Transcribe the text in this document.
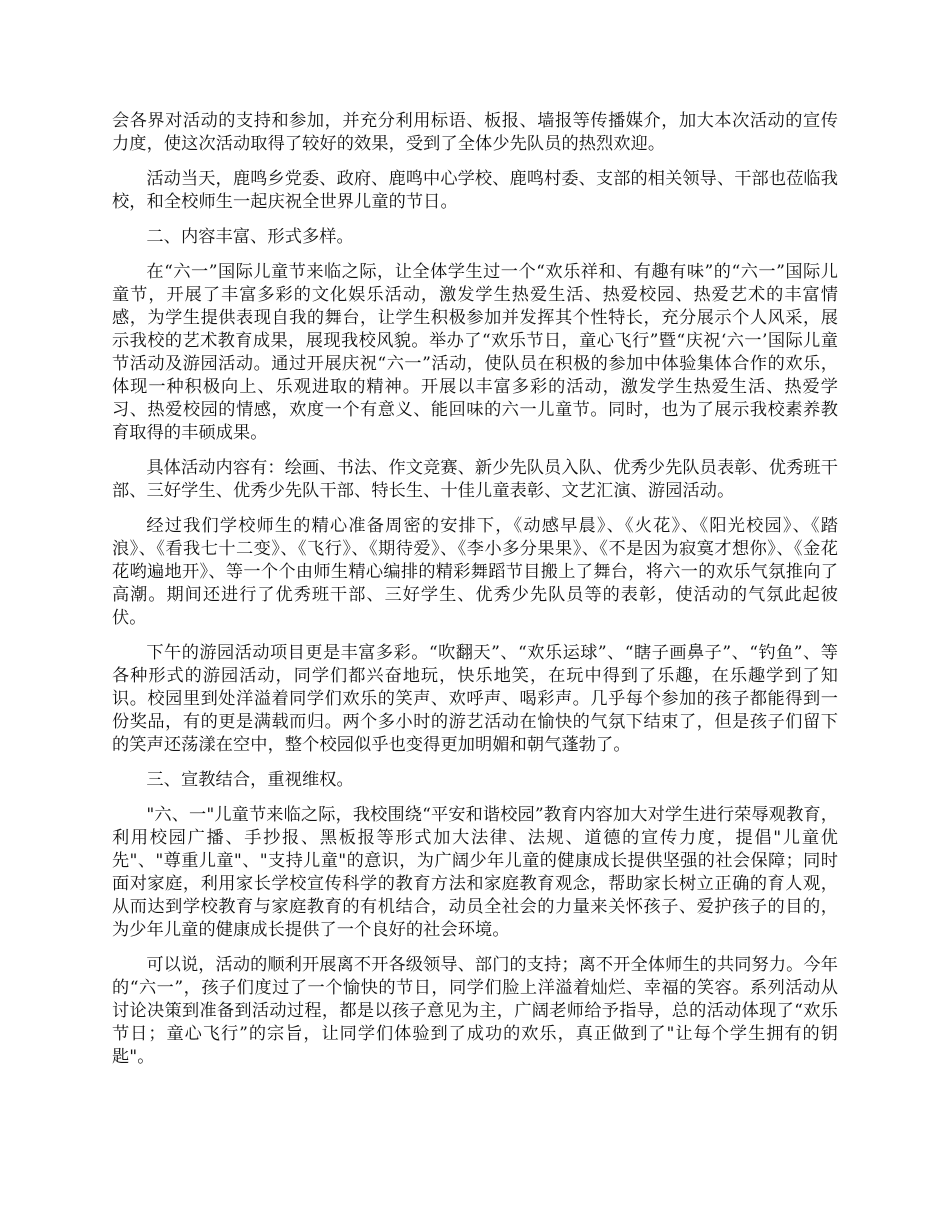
会各界对活动的支持和参加，并充分利用标语、板报、墙报等传播媒介，加大本次活动的宣传力度，使这次活动取得了较好的效果，受到了全体少先队员的热烈欢迎。

活动当天，鹿鸣乡党委、政府、鹿鸣中心学校、鹿鸣村委、支部的相关领导、干部也莅临我校，和全校师生一起庆祝全世界儿童的节日。

二、内容丰富、形式多样。

在“六一”国际儿童节来临之际，让全体学生过一个“欢乐祥和、有趣有味”的“六一”国际儿童节，开展了丰富多彩的文化娱乐活动，激发学生热爱生活、热爱校园、热爱艺术的丰富情感，为学生提供表现自我的舞台，让学生积极参加并发挥其个性特长，充分展示个人风采，展示我校的艺术教育成果，展现我校风貌。举办了“欢乐节日，童心飞行”暨“庆祝‘六一’国际儿童节活动及游园活动。通过开展庆祝“六一”活动，使队员在积极的参加中体验集体合作的欢乐，体现一种积极向上、乐观进取的精神。开展以丰富多彩的活动，激发学生热爱生活、热爱学习、热爱校园的情感，欢度一个有意义、能回味的六一儿童节。同时，也为了展示我校素养教育取得的丰硕成果。

具体活动内容有：绘画、书法、作文竞赛、新少先队员入队、优秀少先队员表彰、优秀班干部、三好学生、优秀少先队干部、特长生、十佳儿童表彰、文艺汇演、游园活动。

经过我们学校师生的精心准备周密的安排下，《动感早晨》、《火花》、《阳光校园》、《踏浪》、《看我七十二变》、《飞行》、《期待爱》、《李小多分果果》、《不是因为寂寞才想你》、《金花花哟遍地开》、等一个个由师生精心编排的精彩舞蹈节目搬上了舞台，将六一的欢乐气氛推向了高潮。期间还进行了优秀班干部、三好学生、优秀少先队员等的表彰，使活动的气氛此起彼伏。

下午的游园活动项目更是丰富多彩。“吹翻天”、“欢乐运球”、“瞎子画鼻子”、“钓鱼”、等各种形式的游园活动，同学们都兴奋地玩，快乐地笑，在玩中得到了乐趣，在乐趣学到了知识。校园里到处洋溢着同学们欢乐的笑声、欢呼声、喝彩声。几乎每个参加的孩子都能得到一份奖品，有的更是满载而归。两个多小时的游艺活动在愉快的气氛下结束了，但是孩子们留下的笑声还荡漾在空中，整个校园似乎也变得更加明媚和朝气蓬勃了。

三、宣教结合，重视维权。

"六、一"儿童节来临之际，我校围绕“平安和谐校园”教育内容加大对学生进行荣辱观教育，利用校园广播、手抄报、黑板报等形式加大法律、法规、道德的宣传力度，提倡"儿童优先"、"尊重儿童"、"支持儿童"的意识，为广阔少年儿童的健康成长提供坚强的社会保障；同时面对家庭，利用家长学校宣传科学的教育方法和家庭教育观念，帮助家长树立正确的育人观，从而达到学校教育与家庭教育的有机结合，动员全社会的力量来关怀孩子、爱护孩子的目的，为少年儿童的健康成长提供了一个良好的社会环境。

可以说，活动的顺利开展离不开各级领导、部门的支持；离不开全体师生的共同努力。今年的“六一”，孩子们度过了一个愉快的节日，同学们脸上洋溢着灿烂、幸福的笑容。系列活动从讨论决策到准备到活动过程，都是以孩子意见为主，广阔老师给予指导，总的活动体现了“欢乐节日；童心飞行”的宗旨，让同学们体验到了成功的欢乐，真正做到了"让每个学生拥有的钥匙"。
